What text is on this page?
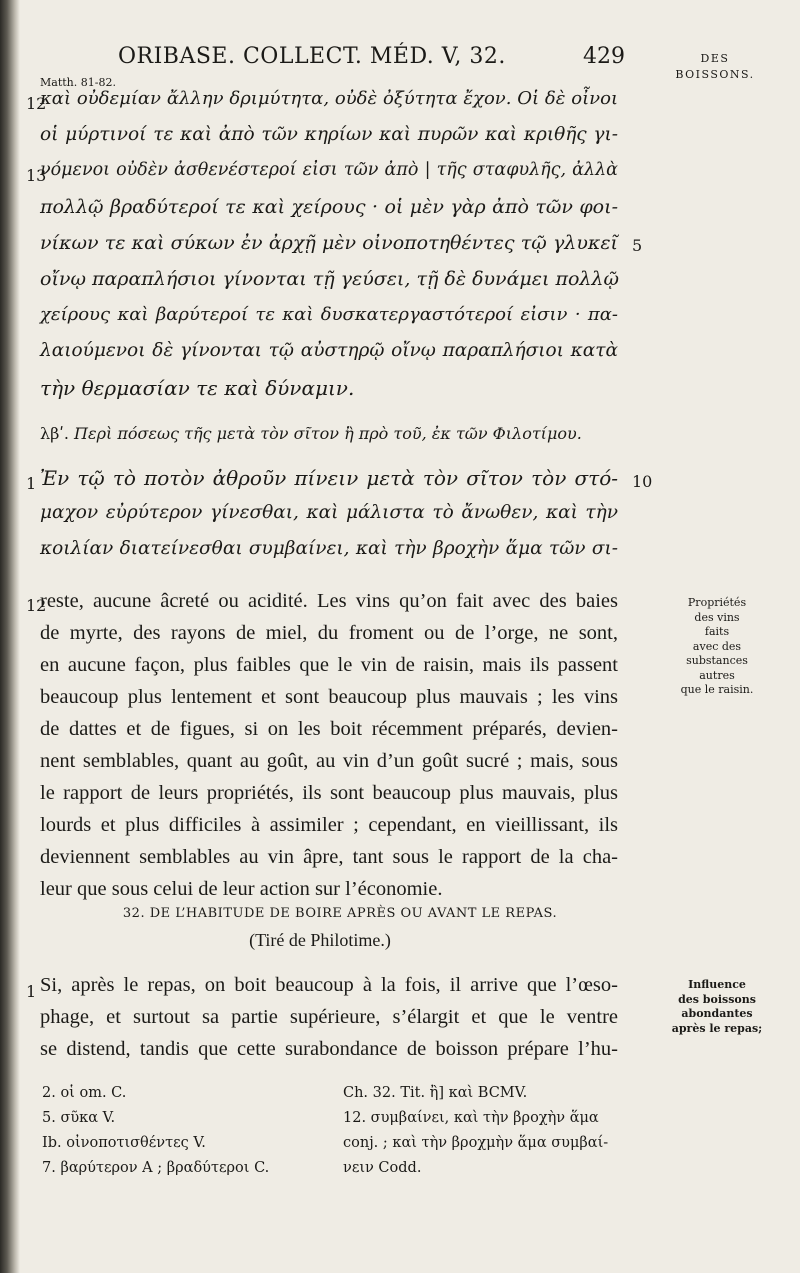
ORIBASE. COLLECT. MÉD. V, 32.	429	DES
BOISSONS.
Matth. 81-82.
12
καὶ οὐδεμίαν ἄλλην δριμύτητα, οὐδὲ ὀξύτητα ἔχον. Οἱ δὲ οἶνοι
οἱ μύρτινοί τε καὶ ἀπὸ τῶν κηρίων καὶ πυρῶν καὶ κριθῆς γι-
13
νόμενοι οὐδὲν ἀσθενέστεροί εἰσι τῶν ἀπὸ | τῆς σταφυλῆς, ἀλλὰ
πολλῷ βραδύτεροί τε καὶ χείρους · οἱ μὲν γὰρ ἀπὸ τῶν φοι-
νίκων τε καὶ σύκων ἐν ἀρχῇ μὲν οἰνοποτηθέντες τῷ γλυκεῖ 5
οἴνῳ παραπλήσιοι γίνονται τῇ γεύσει, τῇ δὲ δυνάμει πολλῷ
χείρους καὶ βαρύτεροί τε καὶ δυσκατεργαστότεροί εἰσιν · πα-
λαιούμενοι δὲ γίνονται τῷ αὐστηρῷ οἴνῳ παραπλήσιοι κατὰ
τὴν θερμασίαν τε καὶ δύναμιν.
λβʹ. Περὶ πόσεως τῆς μετὰ τὸν σῖτον ἢ πρὸ τοῦ, ἐκ τῶν Φιλοτίμου.
1 Ἐν τῷ τὸ ποτὸν ἀθροῦν πίνειν μετὰ τὸν σῖτον τὸν στό- 10
μαχον εὐρύτερον γίνεσθαι, καὶ μάλιστα τὸ ἄνωθεν, καὶ τὴν
κοιλίαν διατείνεσθαι συμβαίνει, καὶ τὴν βροχὴν ἅμα τῶν σι-
12
reste, aucune âcreté ou acidité. Les vins qu’on fait avec des baies
de myrte, des rayons de miel, du froment ou de l’orge, ne sont,
en aucune façon, plus faibles que le vin de raisin, mais ils passent
beaucoup plus lentement et sont beaucoup plus mauvais ; les vins
de dattes et de figues, si on les boit récemment préparés, devien-
nent semblables, quant au goût, au vin d’un goût sucré ; mais, sous
le rapport de leurs propriétés, ils sont beaucoup plus mauvais, plus
lourds et plus difficiles à assimiler ; cependant, en vieillissant, ils
deviennent semblables au vin âpre, tant sous le rapport de la cha-
leur que sous celui de leur action sur l’économie.
Propriétés
des vins
faits
avec des
substances
autres
que le raisin.
32. DE L’HABITUDE DE BOIRE APRÈS OU AVANT LE REPAS.
(Tiré de Philotime.)
1 Si, après le repas, on boit beaucoup à la fois, il arrive que l’œso-
phage, et surtout sa partie supérieure, s’élargit et que le ventre
se distend, tandis que cette surabondance de boisson prépare l’hu-
Influence
des boissons
abondantes
après le repas;
2. οἱ om. C.
5. σῦκα V.
Ib. οἰνοποτισθέντες V.
7. βαρύτερον A ; βραδύτεροι C.
Ch. 32. Tit. ἢ] καὶ BCMV.
12. συμβαίνει, καὶ τὴν βροχὴν ἅμα
conj. ; καὶ τὴν βροχμὴν ἅμα συμβαί-
νειν Codd.
